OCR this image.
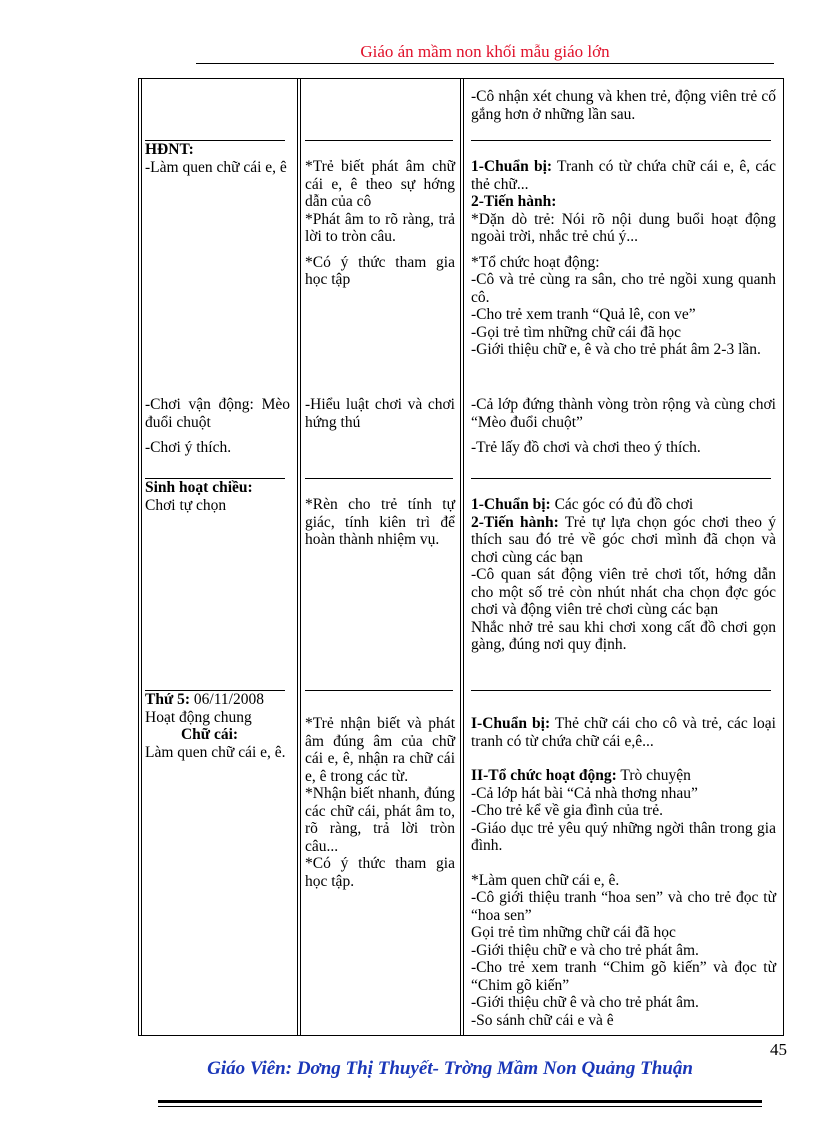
Giáo án mầm non khối mẫu giáo lớn
-Cô nhận xét chung và khen trẻ, động viên trẻ cố gắng hơn ở những lần sau.
HĐNT:
-Làm quen chữ cái e, ê *Trẻ biết phát âm chữ cái e, ê theo sự hớng dẫn của cô
*Phát âm to rõ ràng, trả lời to tròn câu.
*Có ý thức tham gia học tập
1-Chuẩn bị: Tranh có từ chứa chữ cái e, ê, các thẻ chữ...
2-Tiến hành:
*Dặn dò trẻ: Nói rõ nội dung buổi hoạt động ngoài trời, nhắc trẻ chú ý...
*Tổ chức hoạt động:
-Cô và trẻ cùng ra sân, cho trẻ ngồi xung quanh cô.
-Cho trẻ xem tranh “Quả lê, con ve”
-Gọi trẻ tìm những chữ cái đã học
-Giới thiệu chữ e, ê và cho trẻ phát âm 2-3 lần.
-Chơi vận động: Mèo đuổi chuột
-Chơi ý thích.
-Hiểu luật chơi và chơi hứng thú
-Cả lớp đứng thành vòng tròn rộng và cùng chơi “Mèo đuổi chuột”
-Trẻ lấy đồ chơi và chơi theo ý thích.
Sinh hoạt chiều:
Chơi tự chọn	*Rèn cho trẻ tính tự giác, tính kiên trì để hoàn thành nhiệm vụ.
1-Chuẩn bị: Các góc có đủ đồ chơi
2-Tiến hành: Trẻ tự lựa chọn góc chơi theo ý thích sau đó trẻ về góc chơi mình đã chọn và chơi cùng các bạn
-Cô quan sát động viên trẻ chơi tốt, hớng dẫn cho một số trẻ còn nhút nhát cha chọn đợc góc chơi và động viên trẻ chơi cùng các bạn
Nhắc nhở trẻ sau khi chơi xong cất đồ chơi gọn gàng, đúng nơi quy định.
Thứ 5: 06/11/2008
Hoạt động chung
Chữ cái:
Làm quen chữ cái e, ê.
*Trẻ nhận biết và phát âm đúng âm của chữ cái e, ê, nhận ra chữ cái e, ê trong các từ.
*Nhận biết nhanh, đúng các chữ cái, phát âm to, rõ ràng, trả lời tròn câu...
*Có ý thức tham gia học tập.
I-Chuẩn bị: Thẻ chữ cái cho cô và trẻ, các loại tranh có từ chứa chữ cái e,ê...
II-Tổ chức hoạt động: Trò chuyện
-Cả lớp hát bài “Cả nhà thơng nhau”
-Cho trẻ kể về gia đình của trẻ.
-Giáo dục trẻ yêu quý những ngời thân trong gia đình.
*Làm quen chữ cái e, ê.
-Cô giới thiệu tranh “hoa sen” và cho trẻ đọc từ “hoa sen”
Gọi trẻ tìm những chữ cái đã học
-Giới thiệu chữ e và cho trẻ phát âm.
-Cho trẻ xem tranh “Chim gõ kiến” và đọc từ “Chim gõ kiến”
-Giới thiệu chữ ê và cho trẻ phát âm.
-So sánh chữ cái e và ê
45
Giáo Viên: Dơng Thị Thuyết- Trờng Mầm Non Quảng Thuận
